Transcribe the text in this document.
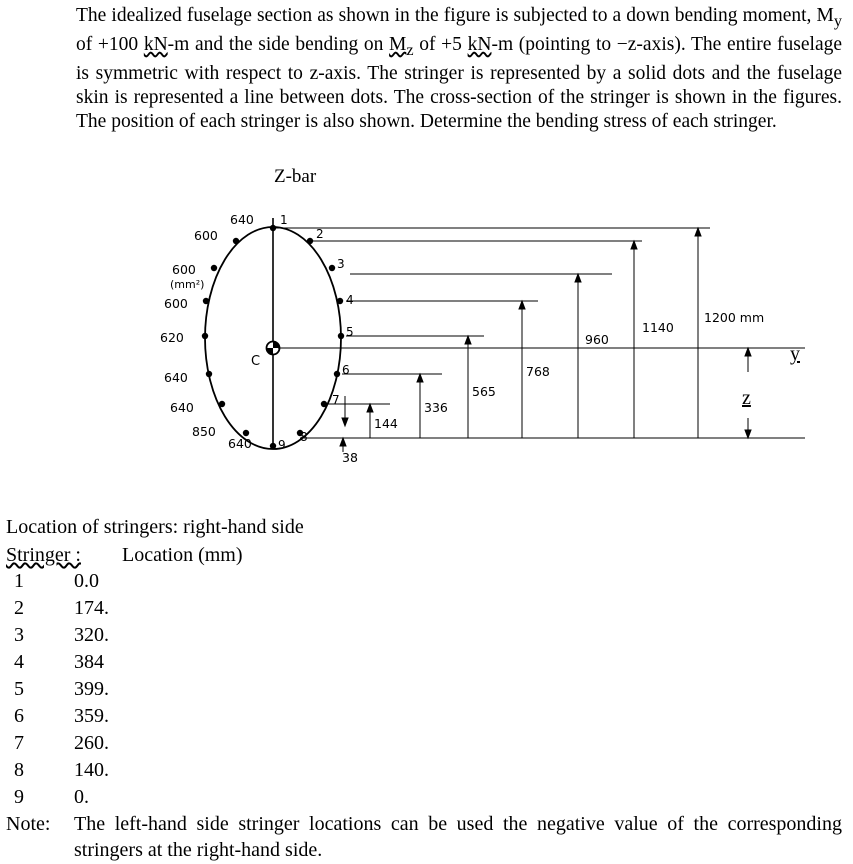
The idealized fuselage section as shown in the figure is subjected to a down bending moment, $M_y$ of +100 kN-m and the side bending on $M_z$ of +5 kN-m (pointing to −z-axis). The entire fuselage is symmetric with respect to z-axis. The stringer is represented by a solid dots and the fuselage skin is represented a line between dots. The cross-section of the stringer is shown in the figures. The position of each stringer is also shown. Determine the bending stress of each stringer.

Z-bar
C
640
600
600
(mm²)
600
620
640
640
850
640
1
2
3
4
5
6
7
8
9
1200 mm
1140
960
768
565
336
144
38
y
z
Location of stringers: right-hand side
Stringer : Location (mm)
1	0.0
2	174.
3	320.
4	384
5	399.
6	359.
7	260.
8	140.
9	0.
Note: The left-hand side stringer locations can be used the negative value of the corresponding stringers at the right-hand side.
